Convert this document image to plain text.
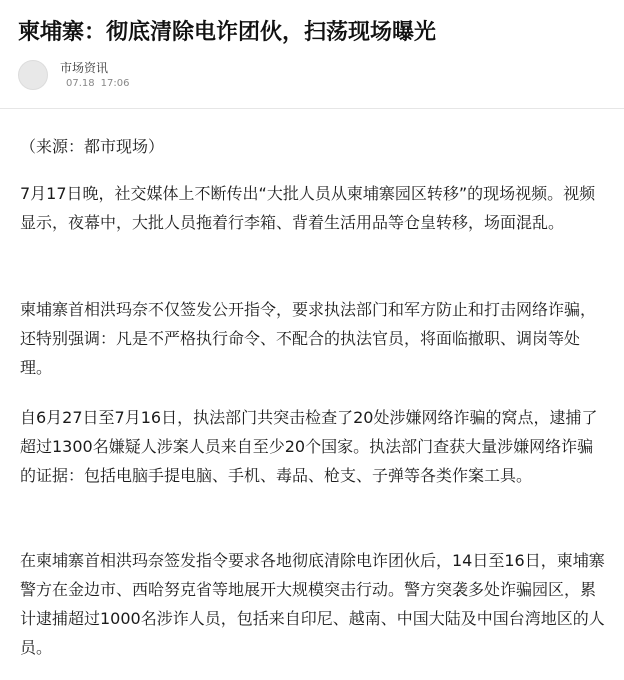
柬埔寨：彻底清除电诈团伙，扫荡现场曝光
市场资讯
07.18 17:06

（来源：都市现场）

7月17日晚，社交媒体上不断传出“大批人员从柬埔寨园区转移”的现场视频。视频显示，夜幕中，大批人员拖着行李箱、背着生活用品等仓皇转移，场面混乱。

柬埔寨首相洪玛奈不仅签发公开指令，要求执法部门和军方防止和打击网络诈骗，还特别强调：凡是不严格执行命令、不配合的执法官员，将面临撤职、调岗等处理。

自6月27日至7月16日，执法部门共突击检查了20处涉嫌网络诈骗的窝点，逮捕了超过1300名嫌疑人涉案人员来自至少20个国家。执法部门查获大量涉嫌网络诈骗的证据：包括电脑手提电脑、手机、毒品、枪支、子弹等各类作案工具。

在柬埔寨首相洪玛奈签发指令要求各地彻底清除电诈团伙后，14日至16日，柬埔寨警方在金边市、西哈努克省等地展开大规模突击行动。警方突袭多处诈骗园区，累计逮捕超过1000名涉诈人员，包括来自印尼、越南、中国大陆及中国台湾地区的人员。
